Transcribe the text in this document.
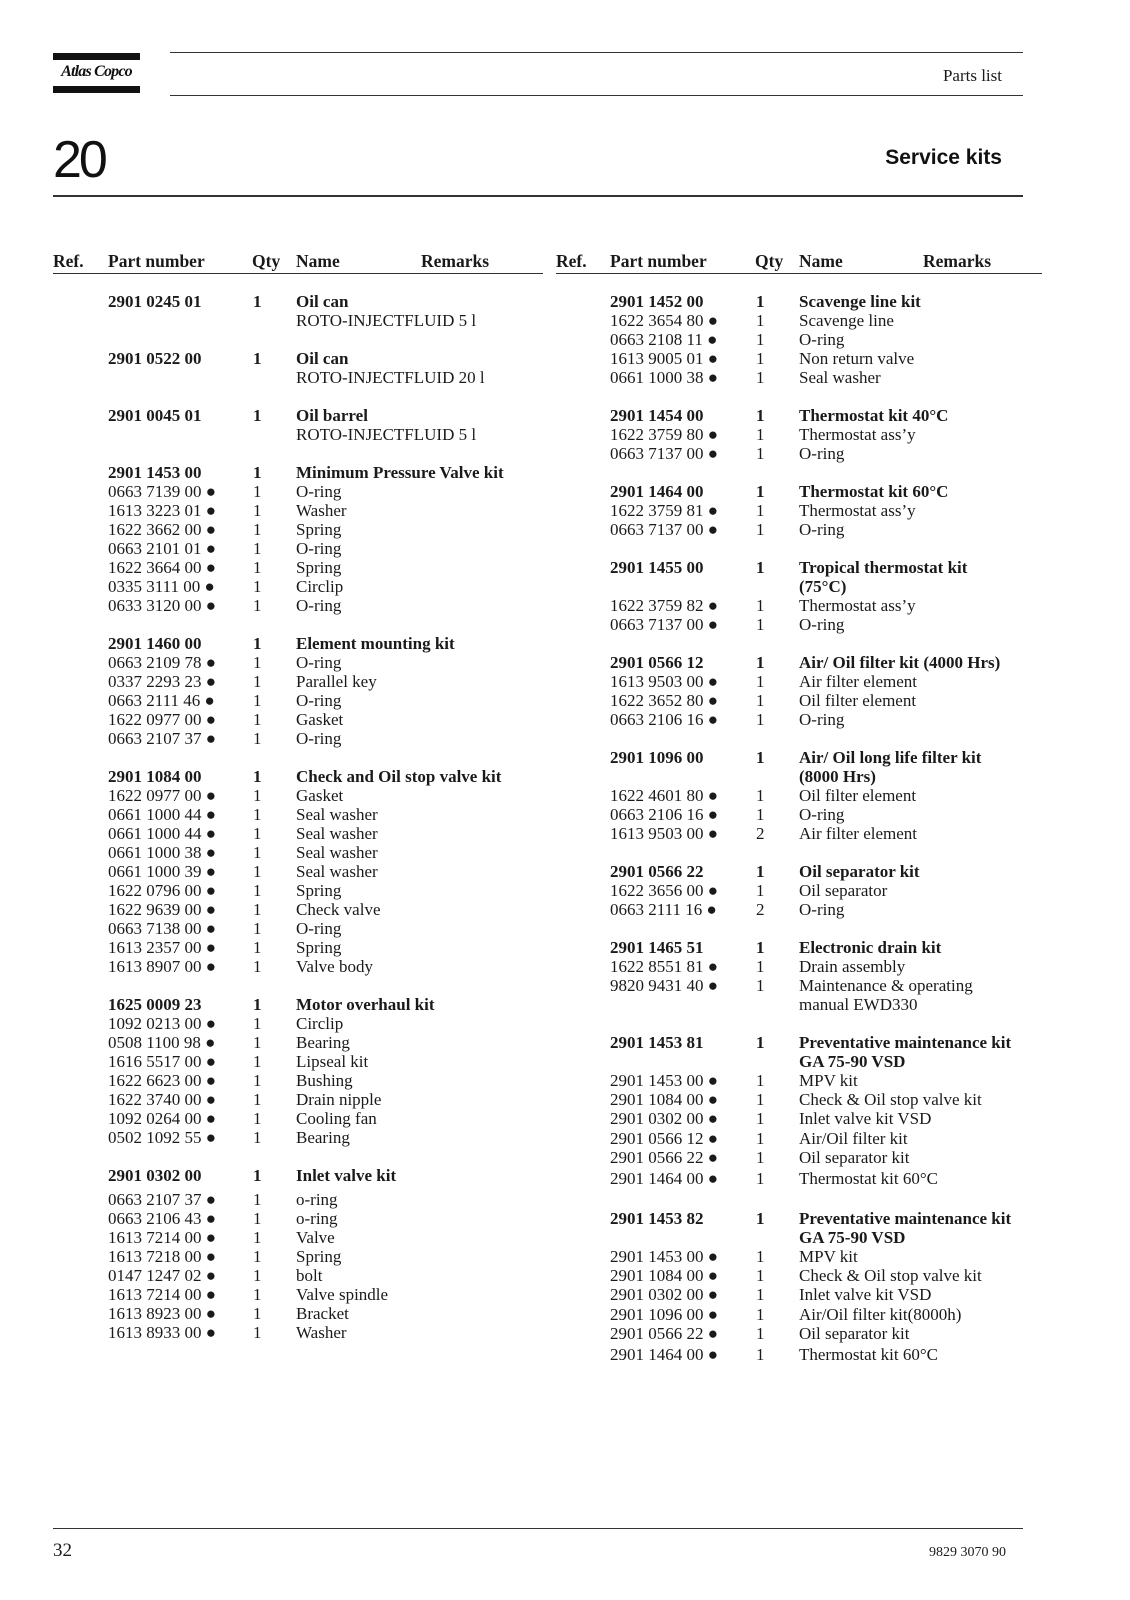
Atlas Copco	Parts list
20	Service kits
Ref. Part number	Qty Name	Remarks	Ref. Part number	Qty Name	Remarks
2901 0245 01	1 Oil can
ROTO-INJECTFLUID 5 l
2901 0522 00	1 Oil can
ROTO-INJECTFLUID 20 l
2901 0045 01	1 Oil barrel
ROTO-INJECTFLUID 5 l
2901 1453 00	1 Minimum Pressure Valve kit
0663 7139 00 ● 1 O-ring
1613 3223 01 ● 1 Washer
1622 3662 00 ● 1 Spring
0663 2101 01 ● 1 O-ring
1622 3664 00 ● 1 Spring
0335 3111 00 ● 1 Circlip
0633 3120 00 ● 1 O-ring
2901 1460 00	1 Element mounting kit
0663 2109 78 ● 1 O-ring
0337 2293 23 ● 1 Parallel key
0663 2111 46 ● 1 O-ring
1622 0977 00 ● 1 Gasket
0663 2107 37 ● 1 O-ring
2901 1084 00	1 Check and Oil stop valve kit
1622 0977 00 ● 1 Gasket
0661 1000 44 ● 1 Seal washer
0661 1000 44 ● 1 Seal washer
0661 1000 38 ● 1 Seal washer
0661 1000 39 ● 1 Seal washer
1622 0796 00 ● 1 Spring
1622 9639 00 ● 1 Check valve
0663 7138 00 ● 1 O-ring
1613 2357 00 ● 1 Spring
1613 8907 00 ● 1 Valve body
1625 0009 23	1 Motor overhaul kit
1092 0213 00 ● 1 Circlip
0508 1100 98 ● 1 Bearing
1616 5517 00 ● 1 Lipseal kit
1622 6623 00 ● 1 Bushing
1622 3740 00 ● 1 Drain nipple
1092 0264 00 ● 1 Cooling fan
0502 1092 55 ● 1 Bearing
2901 0302 00	1 Inlet valve kit
0663 2107 37 ● 1 o-ring
0663 2106 43 ● 1 o-ring
1613 7214 00 ● 1 Valve
1613 7218 00 ● 1 Spring
0147 1247 02 ● 1 bolt
1613 7214 00 ● 1 Valve spindle
1613 8923 00 ● 1 Bracket
1613 8933 00 ● 1 Washer
2901 1452 00	1 Scavenge line kit
1622 3654 80 ● 1 Scavenge line
0663 2108 11 ● 1 O-ring
1613 9005 01 ● 1 Non return valve
0661 1000 38 ● 1 Seal washer
2901 1454 00	1 Thermostat kit 40°C
1622 3759 80 ● 1 Thermostat ass’y
0663 7137 00 ● 1 O-ring
2901 1464 00	1 Thermostat kit 60°C
1622 3759 81 ● 1 Thermostat ass’y
0663 7137 00 ● 1 O-ring
2901 1455 00	1 Tropical thermostat kit
(75°C)
1622 3759 82 ● 1 Thermostat ass’y
0663 7137 00 ● 1 O-ring
2901 0566 12	1 Air/ Oil filter kit (4000 Hrs)
1613 9503 00 ● 1 Air filter element
1622 3652 80 ● 1 Oil filter element
0663 2106 16 ● 1 O-ring
2901 1096 00	1 Air/ Oil long life filter kit
(8000 Hrs)
1622 4601 80 ● 1 Oil filter element
0663 2106 16 ● 1 O-ring
1613 9503 00 ● 2 Air filter element
2901 0566 22	1 Oil separator kit
1622 3656 00 ● 1 Oil separator
0663 2111 16 ● 2 O-ring
2901 1465 51	1 Electronic drain kit
1622 8551 81 ● 1 Drain assembly
9820 9431 40 ● 1 Maintenance & operating
manual EWD330
2901 1453 81	1 Preventative maintenance kit
GA 75-90 VSD
2901 1453 00 ● 1 MPV kit
2901 1084 00 ● 1 Check & Oil stop valve kit
2901 0302 00 ● 1 Inlet valve kit VSD
2901 0566 12 ● 1 Air/Oil filter kit
2901 0566 22 ● 1 Oil separator kit
2901 1464 00 ● 1 Thermostat kit 60°C
2901 1453 82	1 Preventative maintenance kit
GA 75-90 VSD
2901 1453 00 ● 1 MPV kit
2901 1084 00 ● 1 Check & Oil stop valve kit
2901 0302 00 ● 1 Inlet valve kit VSD
2901 1096 00 ● 1 Air/Oil filter kit(8000h)
2901 0566 22 ● 1 Oil separator kit
2901 1464 00 ● 1 Thermostat kit 60°C
32	9829 3070 90
